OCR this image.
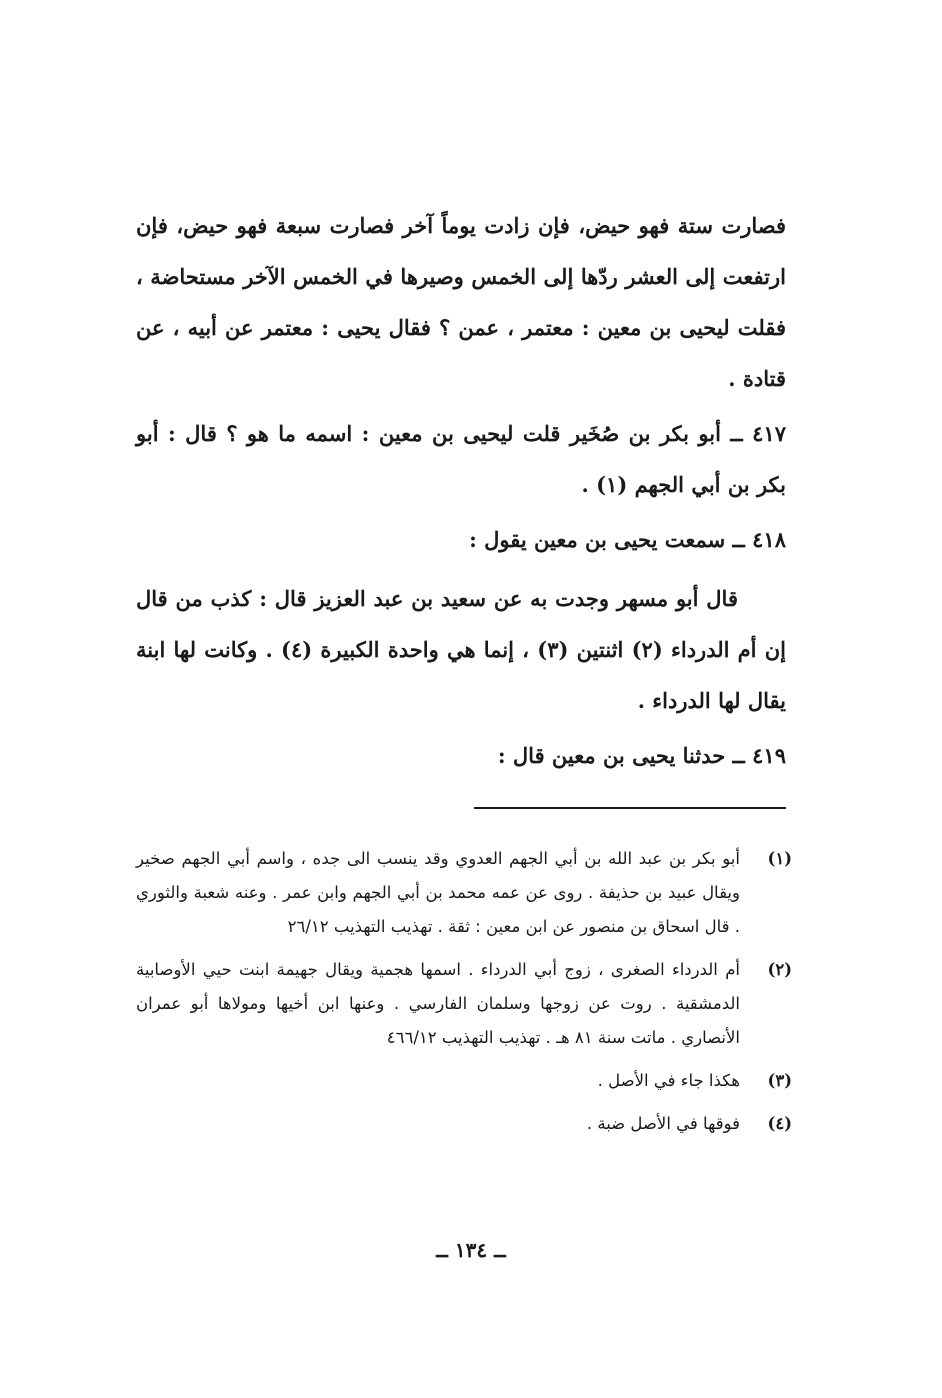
فصارت ستة فهو حيض، فإن زادت يوماً آخر فصارت سبعة فهو حيض، فإن ارتفعت إلى العشر ردّها إلى الخمس وصيرها في الخمس الآخر مستحاضة ، فقلت ليحيى بن معين : معتمر ، عمن ؟ فقال يحيى : معتمر عن أبيه ، عن قتادة .

٤١٧ ــ أبو بكر بن صُخَير قلت ليحيى بن معين : اسمه ما هو ؟ قال : أبو بكر بن أبي الجهم (١) .

٤١٨ ــ سمعت يحيى بن معين يقول :

قال أبو مسهر وجدت به عن سعيد بن عبد العزيز قال : كذب من قال إن أم الدرداء (٢) اثنتين (٣) ، إنما هي واحدة الكبيرة (٤) . وكانت لها ابنة يقال لها الدرداء .

٤١٩ ــ حدثنا يحيى بن معين قال :

(١)
أبو بكر بن عبد الله بن أبي الجهم العدوي وقد ينسب الى جده ، واسم أبي الجهم صخير ويقال عبيد بن حذيفة . روى عن عمه محمد بن أبي الجهم وابن عمر . وعنه شعبة والثوري . قال اسحاق بن منصور عن ابن معين : ثقة . تهذيب التهذيب ٢٦/١٢
(٢)
أم الدرداء الصغرى ، زوج أبي الدرداء . اسمها هجمية ويقال جهيمة ابنت حيي الأوصابية الدمشقية . روت عن زوجها وسلمان الفارسي . وعنها ابن أخيها ومولاها أبو عمران الأنصاري . ماتت سنة ٨١ هـ . تهذيب التهذيب ٤٦٦/١٢
(٣)
هكذا جاء في الأصل .
(٤)
فوقها في الأصل ضبة .
ــ ١٣٤ ــ
